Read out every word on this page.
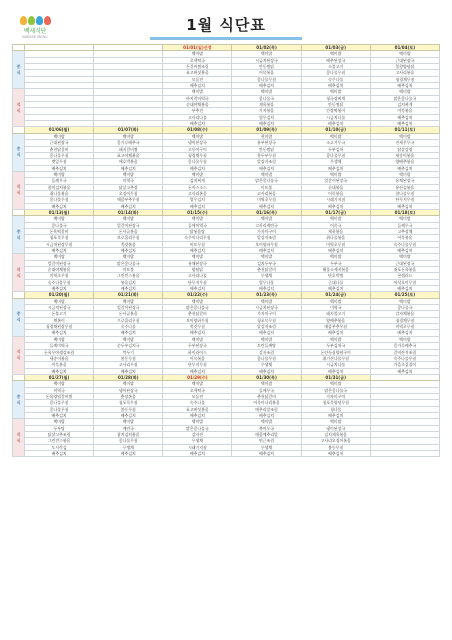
백세식단
BAEKSE MENU
1월 식단표
			01/01(일)신정	01/02(목)	01/03(금)	01/04(토)

중
식			백미밥	백미밥	백미밥	백미밥
			오색떡국	시금치된장국	배추된장국	근대된장국
			돈갈비찜조림	안동찜닭	소불고기	불향양념닭
			표고버섯볶음	어묵볶음	콩나물무침	고사리볶음
			모둠전	콩나물무침	숙주나물	청경채무침
			배추김치	배추김치	배추김치	배추김치

석
식			백미밥	백미밥	백미밥	백미밥
			바지락미역국	콩나물국	청국장찌개	맑은콩나물국
			순대야채볶음	계육볶음	안동찜닭	김치찌개
			부추전	가지볶음	간장떡볶이	어묵볶음
			고사리나물	열무김치	시금치나물	배추김치
			배추김치	배추김치	배추김치	배추김치
	01/06(월)	01/07(화)	01/08(수)	01/09(목)	01/10(금)	01/11(토)

중
식	백미밥	백미밥	백미밥	현미밥	백미밥	백미밥
	근대된장국	콩가루배추국	냉이된장국	유부된장국	소고기무국	건새우무국
	춘천닭갈비	돼지갈비찜	고등어구이	안동찜닭	두부김치	닭살강정
	콩나물무침	표고야채볶음	청경채무침	홍두부무침	콩나물무침	새송이볶음
	깻잎무침	애호박볶음	콩나물무침	알감자조림	무생채	양배추볶음
	배추김치	배추김치	배추김치	배추김치	배추김치	배추김치

석
식	백미밥	백미밥	백미밥	백미밥	백미밥	백미밥
	들깨무국	미역국	김치찌개	맑은콩나물국	얼갈이된장국	유채된장국
	참치김치볶음	닭살고추장	돈까스소스	미트볼	순대볶음	유산슬볶음
	취나물볶음	오징어무침	고사리볶음	고사리볶음	어묵볶음	참나물무침
	콩나물무침	매콤부추무침	열무김치	미역초무침	시래기지짐	단무지무침
	배추김치	배추김치	배추김치	배추김치	배추김치	배추김치
	01/13(월)	01/14(화)	01/15(수)	01/16(목)	01/17(금)	01/18(토)

중
식	백미밥	백미밥	백미밥	백미밥	백미밥	백미밥
	콩나물국	얼갈이된장국	들깨미역국	고사리계란국	어묵국	들깨무국
	돈육떡갈비	돈사골볶음	닭볶음탕	가자미구이	제육볶음	고추장채
	청포묵무침	브로콜리무침	숙주미나리무침	알감자조림	취나물볶음	어묵볶음
	시금치된장무침	쑥갓볶음	비트무침	오이양파무침	미역초무침	숙주나물무침
	배추김치	배추김치	배추김치	배추김치	배추김치	배추김치

석
식	백미밥	백미밥	백미밥	백미밥	백미밥	백미밥
	얼갈이된장국	맑은콩나물국	유채된장국	김치두부국	두부국	근대된장국
	순대야채볶음	미트볼	양념닭	춘천닭갈비	해물소세지볶음	쥐포돈육볶음
	미역초무침	그린빈스볶음	고사리나물	무생채	단호박찜	콘샐러드
	숙주나물무침	볶음김치	단무지무침	열무나물	근대나물	아삭오이무침
	배추김치	배추김치	배추김치	배추김치	배추김치	배추김치
	01/20(월)	01/21(화)	01/22(수)	01/23(목)	01/24(금)	01/25(토)

중
식	백미밥	백미밥	백미밥	백미밥	백미밥	백미밥
	시금치된장국	얼갈이된장국	맑은콩나물국	시금치된장국	미역국	콩나물국
	돈불고기	돈사골볶음	춘천닭갈비	가자미구이	돼지불고기	감자채볶음
	떡볶이	프로콜리무침	오이양파무침	청포묵무침	양배추볶음	청경채무침
	청경채된장무침	숙주나물	쑥갓무침	알감자조림	매콤부추무침	미역초무침
	배추김치	배추김치	배추김치	배추김치	배추김치	배추김치

석
식	백미밥	백미밥	백미밥	백미밥	백미밥	백미밥
	들깨미역국	순두부김치국	두부된장국	토란들깨탕	두부김치국	콩가루배추국
	돈육무야생강조림	깍두기	하이라이스	감자조림	돈안등심양념구이	갈비산적조림
	새송이볶음	봄동무침	어묵볶음	콩나물무침	취기산나물무침	숙주나물무침
	어묵볶음	고사리무침	단무지무침	무생채	시금치나물	가을초겉절이
	배추김치	배추김치	배추김치	배추김치	배추김치	배추김치
	01/27(월)	01/28(화)	01/29(수)	01/30(목)	01/31(금)	

중
식	백미밥	백미밥	백미밥	백미밥	백미밥	
	미역국	냉이된장국	오색떡국	들깨무국	맑은콩나물국	
	돈육양념갈비찜	춘장볶음	모둠전	춘천닭갈비	가자미구이	
	콩나물무침	청포묵무침	숙주나물	어묵미나리볶음	청포묵양념무침	
	콩나물무침	봄동무침	표고버섯볶음	메추리알조림	청나물	
	배추김치	배추김치	배추김치	배추김치	배추김치	

석
식	백미밥	백미밥	백미밥	백미밥	백미밥	
	두부탕	계란국	맑은콩나물국	북어무국	냉이된장국	
	닭살고추조림	참치김치볶음	감자전	매콤메추리알	김치제육볶음	
	그린빈스볶음	콩나물무침	무생채	연근조림	고사리오징어볶음	
	도시락김	무생채	시래기지짐	무생채	봄동무침	
	배추김치	배추김치	배추김치	배추김치	배추김치	
